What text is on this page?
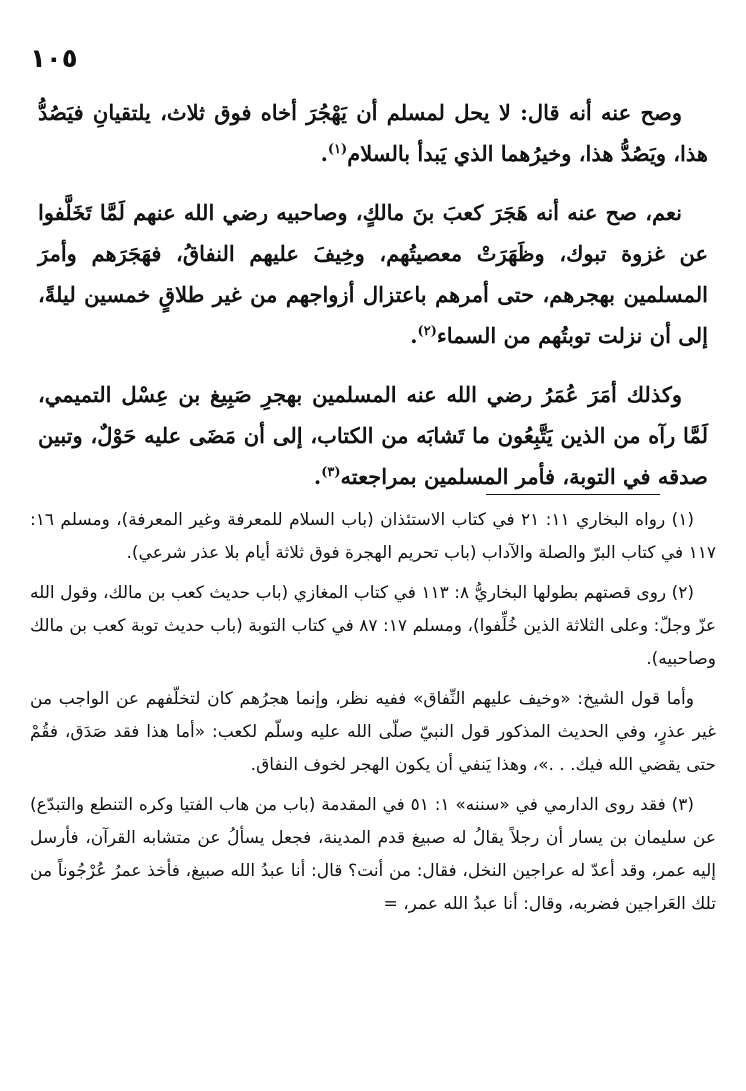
١٠٥

وصح عنه أنه قال: لا يحل لمسلم أن يَهْجُرَ أخاه فوق ثلاث، يلتقيانِ فيَصُدُّ هذا، ويَصُدُّ هذا، وخيرُهما الذي يَبدأ بالسلام$^{(١)}$.

نعم، صح عنه أنه هَجَرَ كعبَ بنَ مالكٍ، وصاحبيه رضي الله عنهم لَمَّا تَخَلَّفوا عن غزوة تبوك، وظَهَرَتْ معصيتُهم، وخِيفَ عليهم النفاقُ، فهَجَرَهم وأمرَ المسلمين بهجرهم، حتى أمرهم باعتزال أزواجهم من غير طلاقٍ خمسين ليلةً، إلى أن نزلت توبتُهم من السماء$^{(٢)}$.

وكذلك أمَرَ عُمَرُ رضي الله عنه المسلمين بهجرِ صَبِيغ بن عِسْل التميمي، لَمَّا رآه من الذين يَتَّبِعُون ما تَشابَه من الكتاب، إلى أن مَضَى عليه حَوْلٌ، وتبين صدقه في التوبة، فأمر المسلمين بمراجعته$^{(٣)}$.

(١) رواه البخاري ١١: ٢١ في كتاب الاستئذان (باب السلام للمعرفة وغير المعرفة)، ومسلم ١٦: ١١٧ في كتاب البرّ والصلة والآداب (باب تحريم الهجرة فوق ثلاثة أيام بلا عذر شرعي).

(٢) روى قصتهم بطولها البخاريُّ ٨: ١١٣ في كتاب المغازي (باب حديث كعب بن مالك، وقول الله عزّ وجلّ: وعلى الثلاثة الذين خُلِّفوا)، ومسلم ١٧: ٨٧ في كتاب التوبة (باب حديث توبة كعب بن مالك وصاحبيه).

وأما قول الشيخ: «وخيف عليهم النِّفاق» ففيه نظر، وإنما هجرُهم كان لتخلّفهم عن الواجب من غير عذرٍ، وفي الحديث المذكور قول النبيّ صلّى الله عليه وسلّم لكعب: «أما هذا فقد صَدَق، فقُمْ حتى يقضي الله فيك. . .»، وهذا يَنفي أن يكون الهجر لخوف النفاق.

(٣) فقد روى الدارمي في «سننه» ١: ٥١ في المقدمة (باب من هاب الفتيا وكره التنطع والتبدّع) عن سليمان بن يسار أن رجلاً يقالُ له صبيغ قدم المدينة، فجعل يسألُ عن متشابه القرآن، فأرسل إليه عمر، وقد أعدّ له عراجين النخل، فقال: من أنت؟ قال: أنا عبدُ الله صبيغ، فأخذ عمرُ عُرْجُوناً من تلك العَراجين فضربه، وقال: أنا عبدُ الله عمر، =
